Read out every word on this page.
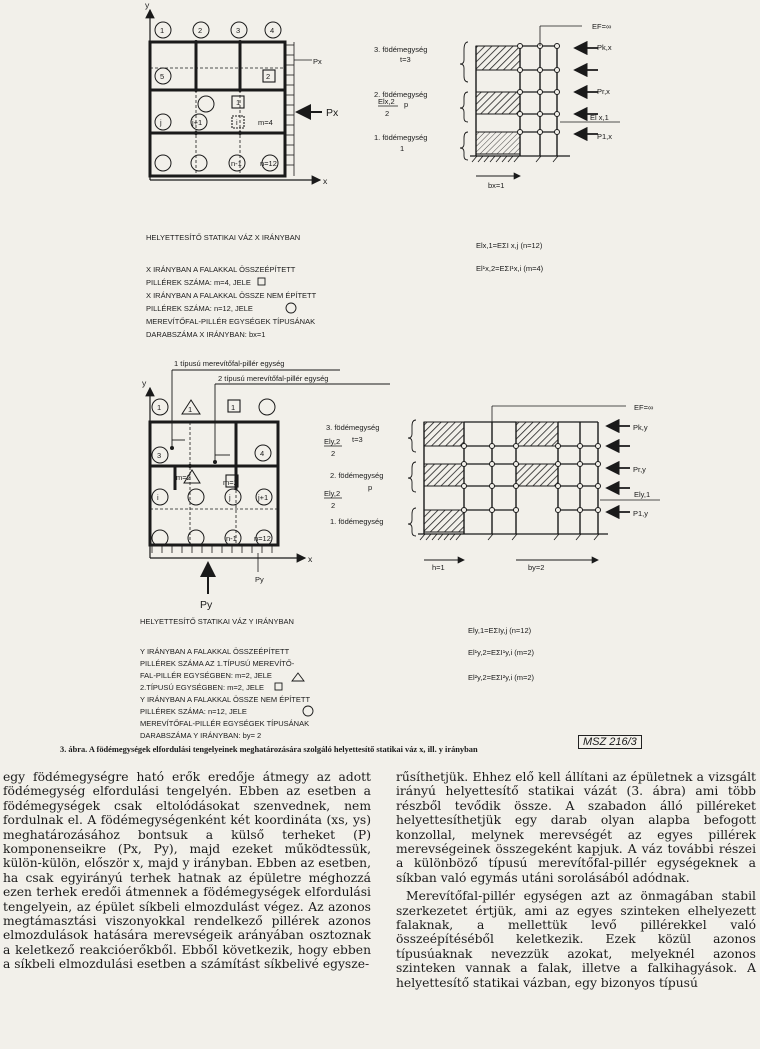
y
x
1	2	3	4
5	2
1
j	j+1	i	m=4
n-1 n=12
Px
Px
3. födémegység
t=3
2. födémegység
p
Elx,2
2
1. födémegység
1
EF=∞
Pk,x
Pr,x
El x,1
P1,x
bx=1
HELYETTESÍTŐ STATIKAI VÁZ X IRÁNYBAN
X IRÁNYBAN A FALAKKAL ÖSSZEÉPÍTETT
PILLÉREK SZÁMA: m=4, JELE
X IRÁNYBAN A FALAKKAL ÖSSZE NEM ÉPÍTETT
PILLÉREK SZÁMA: n=12, JELE
MEREVÍTŐFAL-PILLÉR EGYSÉGEK TÍPUSÁNAK
DARABSZÁMA X IRÁNYBAN: bx=1
Elx,1=EΣI x,j (n=12)
El¹x,2=EΣI¹x,i (m=4)
1 típusú merevítőfal-pillér egység
2 típusú merevítőfal-pillér egység
y
x
1	1	1
3	4
m=2
m=2
i	j	j+1
n-1 n=12
Py
Py
3. födémegység
t=3
Ely,2
2
2. födémegység
p
Ely,2
2
1. födémegység
EF=∞
Pk,y
Pr,y
Ely,1
P1,y
h=1	by=2
HELYETTESÍTŐ STATIKAI VÁZ Y IRÁNYBAN
Y IRÁNYBAN A FALAKKAL ÖSSZEÉPÍTETT
PILLÉREK SZÁMA AZ 1.TÍPUSÚ MEREVÍTŐ-
FAL-PILLÉR EGYSÉGBEN: m=2, JELE
2.TÍPUSÚ EGYSÉGBEN: m=2, JELE
Y IRÁNYBAN A FALAKKAL ÖSSZE NEM ÉPÍTETT
PILLÉREK SZÁMA: n=12, JELE
MEREVÍTŐFAL-PILLÉR EGYSÉGEK TÍPUSÁNAK
DARABSZÁMA Y IRÁNYBAN: by= 2
Ely,1=EΣIy,j (n=12)
El¹y,2=EΣI¹y,i (m=2)
El²y,2=EΣI²y,i (m=2)
MSZ 216/3
3. ábra. A födémegységek elfordulási tengelyeinek meghatározására szolgáló helyettesítő statikai váz x, ill. y irányban

egy födémegységre ható erők eredője átmegy az adott födémegység elfordulási tengelyén. Ebben az esetben a födémegységek csak eltolódásokat szenvednek, nem fordulnak el. A födémegységenként két koordináta (xs, ys) meghatározásához bontsuk a külső terheket (P) komponenseikre (Px, Py), majd ezeket működtessük, külön-külön, először x, majd y irányban. Ebben az esetben, ha csak egyirányú terhek hatnak az épületre méghozzá ezen terhek eredői átmennek a födémegységek elfordulási tengelyein, az épület síkbeli elmozdulást végez. Az azonos megtámasztási viszonyokkal rendelkező pillérek azonos elmozdulások hatására merevségeik arányában osztoznak a keletkező reakcióerőkből. Ebből következik, hogy ebben a síkbeli elmozdulási esetben a számítást síkbelivé egysze-

rűsíthetjük. Ehhez elő kell állítani az épületnek a vizsgált irányú helyettesítő statikai vázát (3. ábra) ami több részből tevődik össze. A szabadon álló pilléreket helyettesíthetjük egy darab olyan alapba befogott konzollal, melynek merevségét az egyes pillérek merevségeinek összegeként kapjuk. A váz további részei a különböző típusú merevítőfal-pillér egységeknek a síkban való egymás utáni sorolásából adódnak.

Merevítőfal-pillér egységen azt az önmagában stabil szerkezetet értjük, ami az egyes szinteken elhelyezett falaknak, a mellettük levő pillérekkel való összeépítéséből keletkezik. Ezek közül azonos típusúaknak nevezzük azokat, melyeknél azonos szinteken vannak a falak, illetve a falkihagyások. A helyettesítő statikai vázban, egy bizonyos típusú
